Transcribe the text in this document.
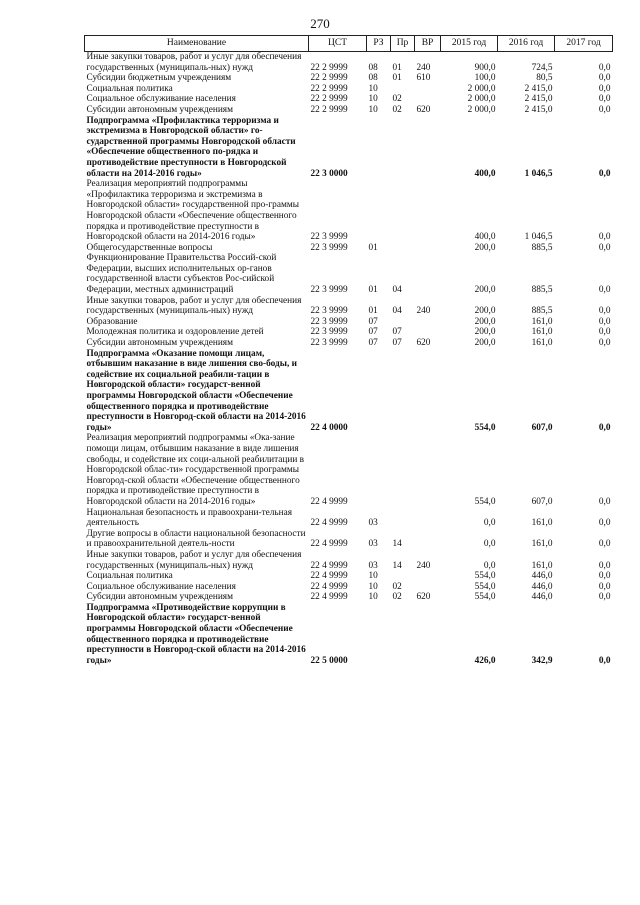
270
Наименование	ЦСТ	РЗ	Пр	ВР	2015 год	2016 год	2017 год
Иные закупки товаров, работ и услуг для обеспечения государственных (муниципаль-ных) нужд	22 2 9999	08	01	240	900,0	724,5	0,0
Субсидии бюджетным учреждениям	22 2 9999	08	01	610	100,0	80,5	0,0
Социальная политика	22 2 9999	10			2 000,0	2 415,0	0,0
Социальное обслуживание населения	22 2 9999	10	02		2 000,0	2 415,0	0,0
Субсидии автономным учреждениям	22 2 9999	10	02	620	2 000,0	2 415,0	0,0
Подпрограмма «Профилактика терроризма и экстремизма в Новгородской области» го-сударственной программы Новгородской области «Обеспечение общественного по-рядка и противодействие преступности в Новгородской области на 2014-2016 годы»	22 3 0000				400,0	1 046,5	0,0
Реализация мероприятий подпрограммы «Профилактика терроризма и экстремизма в Новгородской области» государственной про-граммы Новгородской области «Обеспечение общественного порядка и противодействие преступности в Новгородской области на 2014-2016 годы»	22 3 9999				400,0	1 046,5	0,0
Общегосударственные вопросы	22 3 9999	01			200,0	885,5	0,0
Функционирование Правительства Россий-ской Федерации, высших исполнительных ор-ганов государственной власти субъектов Рос-сийской Федерации, местных администраций	22 3 9999	01	04		200,0	885,5	0,0
Иные закупки товаров, работ и услуг для обеспечения государственных (муниципаль-ных) нужд	22 3 9999	01	04	240	200,0	885,5	0,0
Образование	22 3 9999	07			200,0	161,0	0,0
Молодежная политика и оздоровление детей	22 3 9999	07	07		200,0	161,0	0,0
Субсидии автономным учреждениям	22 3 9999	07	07	620	200,0	161,0	0,0
Подпрограмма «Оказание помощи лицам, отбывшим наказание в виде лишения сво-боды, и содействие их социальной реабили-тации в Новгородской области» государст-венной программы Новгородской области «Обеспечение общественного порядка и противодействие преступности в Новгород-ской области на 2014-2016 годы»	22 4 0000				554,0	607,0	0,0
Реализация мероприятий подпрограммы «Ока-зание помощи лицам, отбывшим наказание в виде лишения свободы, и содействие их соци-альной реабилитации в Новгородской облас-ти» государственной программы Новгород-ской области «Обеспечение общественного порядка и противодействие преступности в Новгородской области на 2014-2016 годы»	22 4 9999				554,0	607,0	0,0
Национальная безопасность и правоохрани-тельная деятельность	22 4 9999	03			0,0	161,0	0,0
Другие вопросы в области национальной безопасности и правоохранительной деятель-ности	22 4 9999	03	14		0,0	161,0	0,0
Иные закупки товаров, работ и услуг для обеспечения государственных (муниципаль-ных) нужд	22 4 9999	03	14	240	0,0	161,0	0,0
Социальная политика	22 4 9999	10			554,0	446,0	0,0
Социальное обслуживание населения	22 4 9999	10	02		554,0	446,0	0,0
Субсидии автономным учреждениям	22 4 9999	10	02	620	554,0	446,0	0,0
Подпрограмма «Противодействие коррупции в Новгородской области» государст-венной программы Новгородской области «Обеспечение общественного порядка и противодействие преступности в Новгород-ской области на 2014-2016 годы»	22 5 0000				426,0	342,9	0,0
